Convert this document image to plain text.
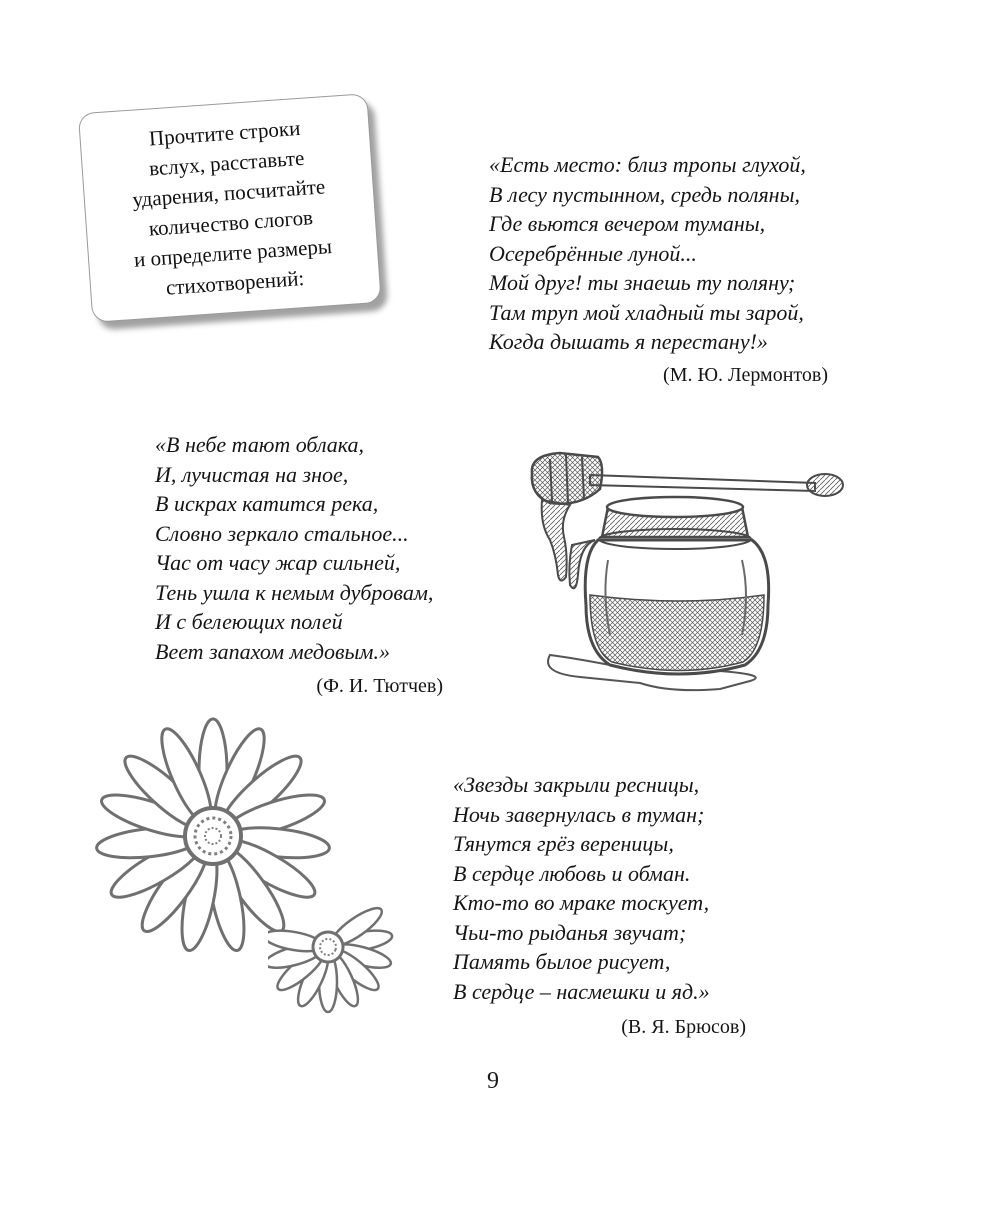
Прочтите строки
вслух, расставьте
ударения, посчитайте
количество слогов
и определите размеры
стихотворений:
«Есть место: близ тропы глухой,
В лесу пустынном, средь поляны,
Где вьются вечером туманы,
Осеребрённые луной...
Мой друг! ты знаешь ту поляну;
Там труп мой хладный ты зарой,
Когда дышать я перестану!»
(М. Ю. Лермонтов)
«В небе тают облака,
И, лучистая на зное,
В искрах катится река,
Словно зеркало стальное...
Час от часу жар сильней,
Тень ушла к немым дубровам,
И с белеющих полей
Веет запахом медовым.»
(Ф. И. Тютчев)
«Звезды закрыли ресницы,
Ночь завернулась в туман;
Тянутся грёз вереницы,
В сердце любовь и обман.
Кто-то во мраке тоскует,
Чьи-то рыданья звучат;
Память былое рисует,
В сердце – насмешки и яд.»
(В. Я. Брюсов)
9
